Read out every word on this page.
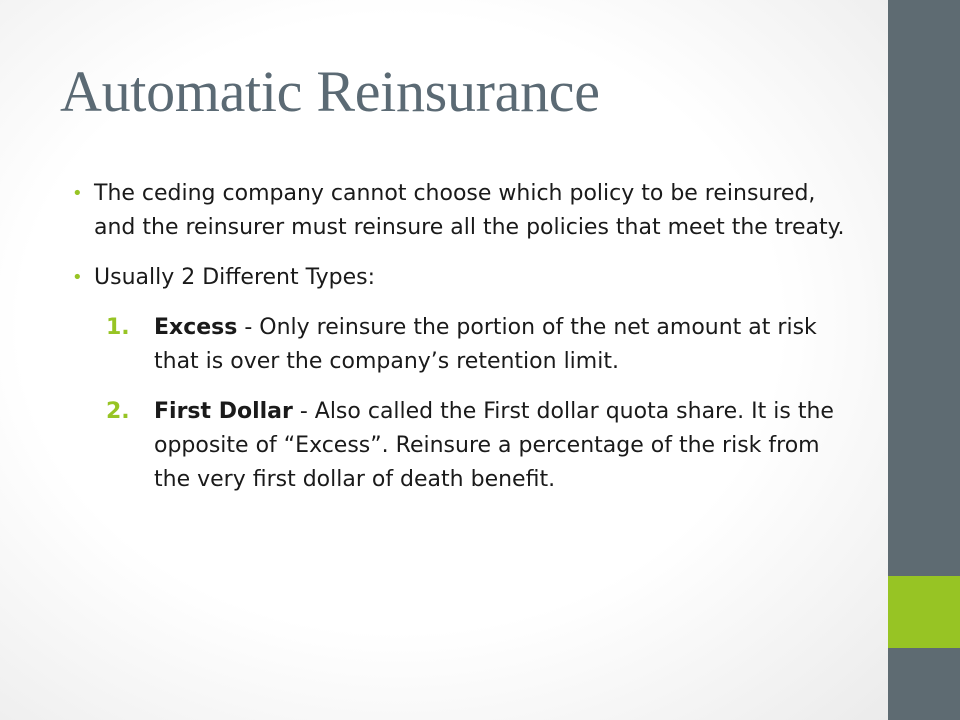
Automatic Reinsurance
• The ceding company cannot choose which policy to be reinsured, and the reinsurer must reinsure all the policies that meet the treaty.
• Usually 2 Different Types:
1. Excess - Only reinsure the portion of the net amount at risk that is over the company’s retention limit.
2. First Dollar - Also called the First dollar quota share. It is the opposite of “Excess”. Reinsure a percentage of the risk from the very first dollar of death benefit.
